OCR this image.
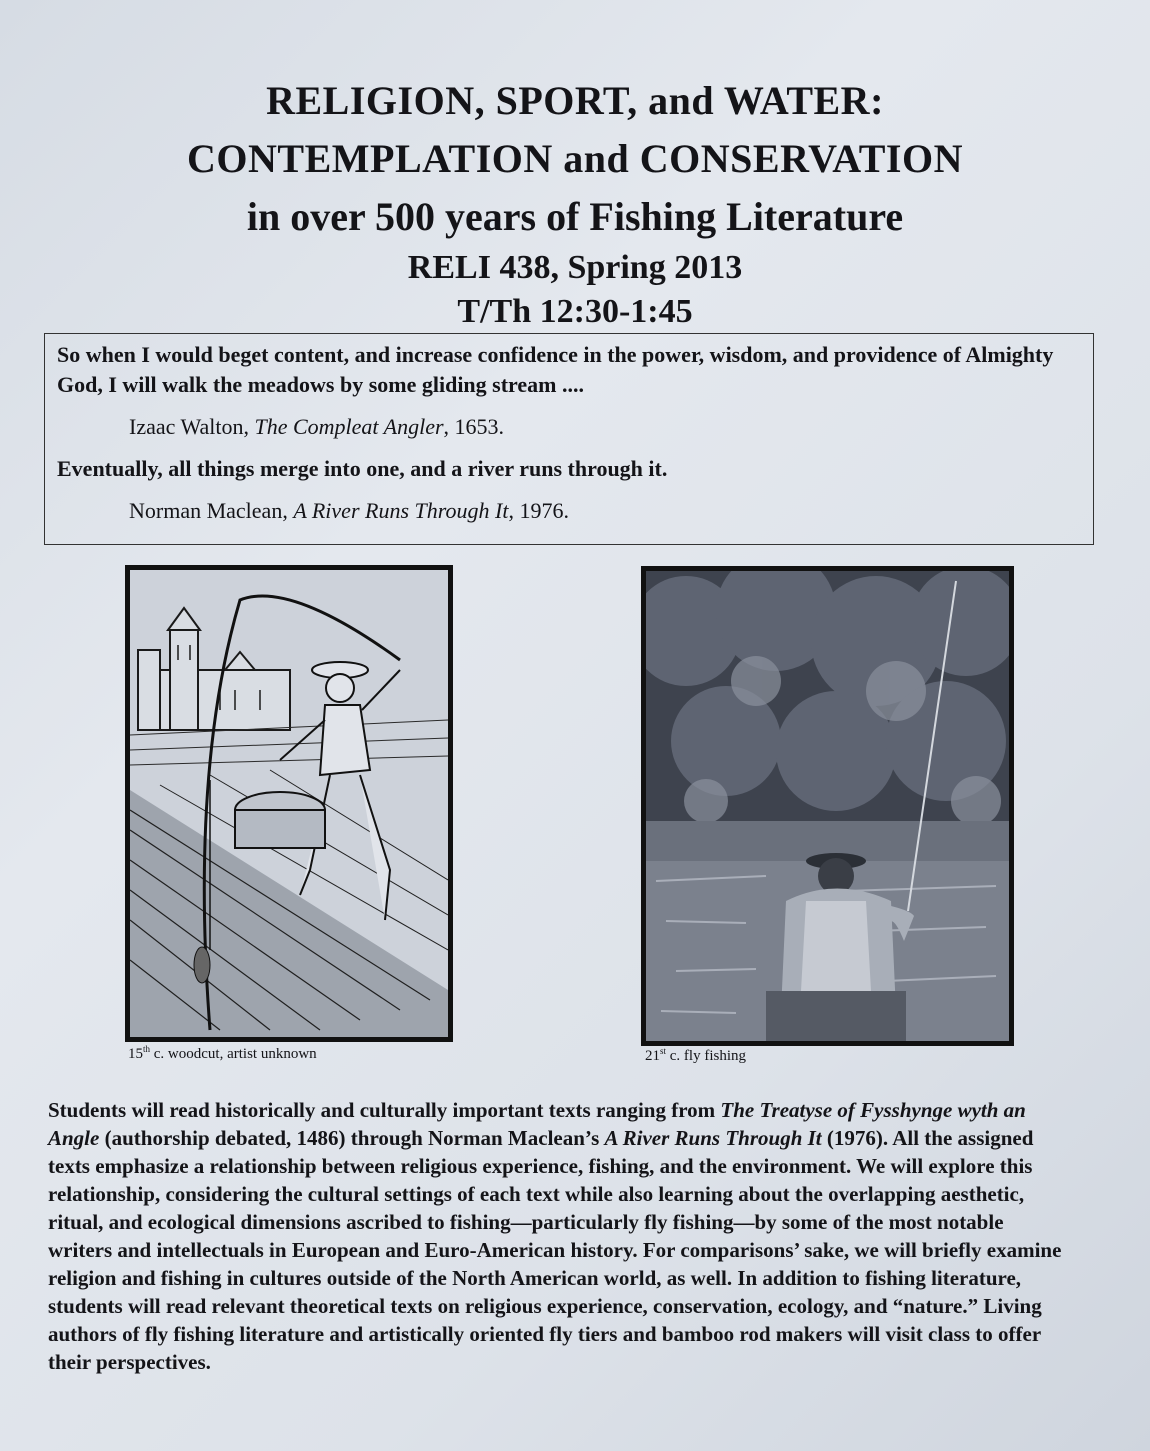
RELIGION, SPORT, and WATER:
CONTEMPLATION and CONSERVATION
in over 500 years of Fishing Literature
RELI 438, Spring 2013
T/Th 12:30-1:45

So when I would beget content, and increase confidence in the power, wisdom, and providence of Almighty God, I will walk the meadows by some gliding stream ....

Izaac Walton, The Compleat Angler, 1653.

Eventually, all things merge into one, and a river runs through it.

Norman Maclean, A River Runs Through It, 1976.

15th c. woodcut, artist unknown	21st c. fly fishing

Students will read historically and culturally important texts ranging from The Treatyse of Fysshynge wyth an Angle (authorship debated, 1486) through Norman Maclean’s A River Runs Through It (1976). All the assigned texts emphasize a relationship between religious experience, fishing, and the environment. We will explore this relationship, considering the cultural settings of each text while also learning about the overlapping aesthetic, ritual, and ecological dimensions ascribed to fishing—particularly fly fishing—by some of the most notable writers and intellectuals in European and Euro-American history. For comparisons’ sake, we will briefly examine religion and fishing in cultures outside of the North American world, as well. In addition to fishing literature, students will read relevant theoretical texts on religious experience, conservation, ecology, and “nature.” Living authors of fly fishing literature and artistically oriented fly tiers and bamboo rod makers will visit class to offer their perspectives.
